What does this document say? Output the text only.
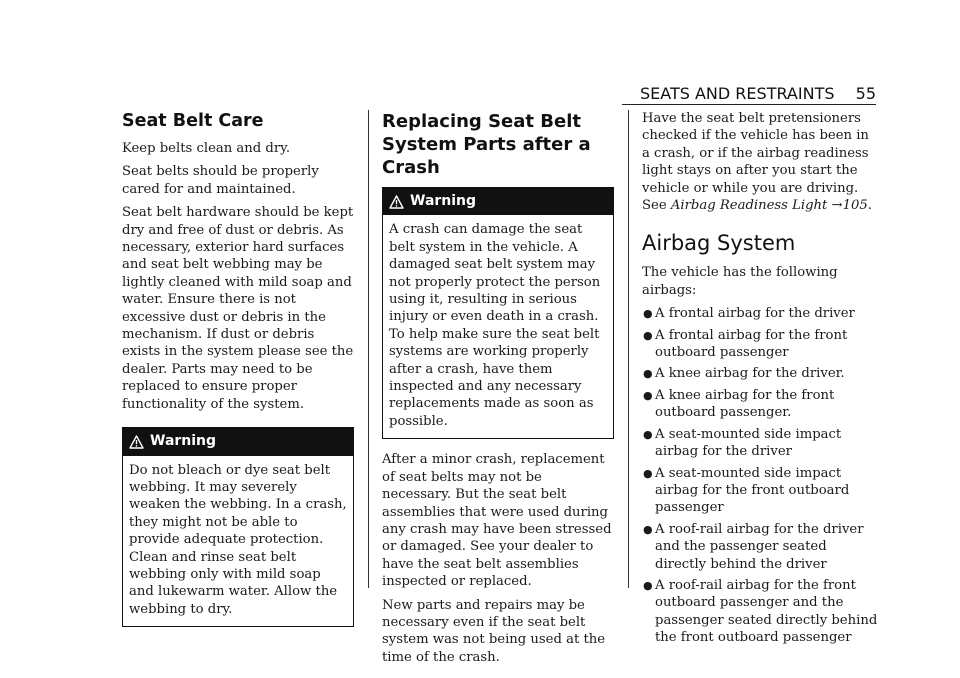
SEATS AND RESTRAINTS 55
Seat Belt Care

Keep belts clean and dry.

Seat belts should be properly cared for and maintained.

Seat belt hardware should be kept dry and free of dust or debris. As necessary, exterior hard surfaces and seat belt webbing may be lightly cleaned with mild soap and water. Ensure there is not excessive dust or debris in the mechanism. If dust or debris exists in the system please see the dealer. Parts may need to be replaced to ensure proper functionality of the system.

Warning
Do not bleach or dye seat belt webbing. It may severely weaken the webbing. In a crash, they might not be able to provide adequate protection. Clean and rinse seat belt webbing only with mild soap and lukewarm water. Allow the webbing to dry.
Replacing Seat Belt System Parts after a Crash
Warning
A crash can damage the seat belt system in the vehicle. A damaged seat belt system may not properly protect the person using it, resulting in serious injury or even death in a crash. To help make sure the seat belt systems are working properly after a crash, have them inspected and any necessary replacements made as soon as possible.

After a minor crash, replacement of seat belts may not be necessary. But the seat belt assemblies that were used during any crash may have been stressed or damaged. See your dealer to have the seat belt assemblies inspected or replaced.

New parts and repairs may be necessary even if the seat belt system was not being used at the time of the crash.

Have the seat belt pretensioners checked if the vehicle has been in a crash, or if the airbag readiness light stays on after you start the vehicle or while you are driving. See Airbag Readiness Light →105.

Airbag System

The vehicle has the following airbags:

● A frontal airbag for the driver
● A frontal airbag for the front outboard passenger
● A knee airbag for the driver.
● A knee airbag for the front outboard passenger.
● A seat-mounted side impact airbag for the driver
● A seat-mounted side impact airbag for the front outboard passenger
● A roof-rail airbag for the driver and the passenger seated directly behind the driver
● A roof-rail airbag for the front outboard passenger and the passenger seated directly behind the front outboard passenger
